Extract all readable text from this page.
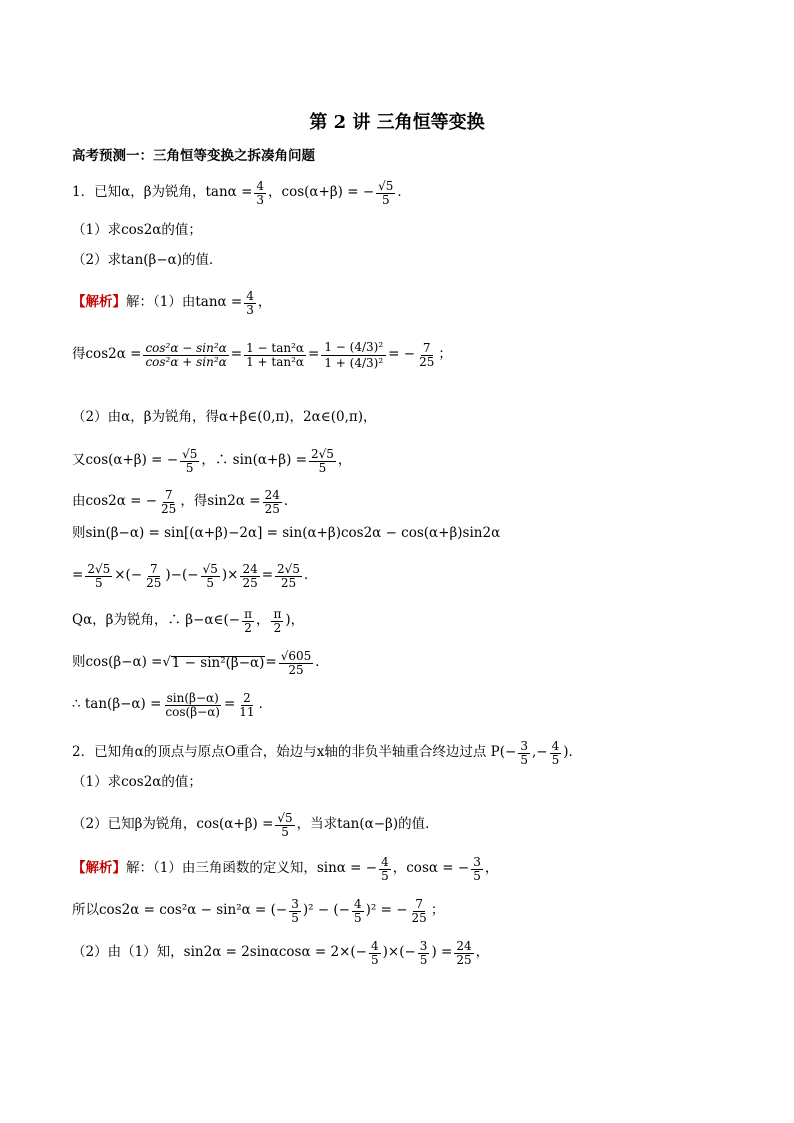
第 2 讲 三角恒等变换
高考预测一：三角恒等变换之拆凑角问题
1．已知α，β为锐角，$\tan\alpha = \frac{4}{3}$ ，cos(α+β) = − $\frac{√5}{5}$ ．
（1）求cos2α的值；
（2）求tan(β−α)的值．
【解析】 解：（1）由$\tan\alpha = \frac{4}{3}$ ，
得$\cos 2\alpha = \frac{\text{cos²α − sin²α}}{\text{cos²α + sin²α}} = \frac{\text{1 − tan²α}}{\text{1 + tan²α}} = \frac{\text{1 − (4/3)²}}{\text{1 + (4/3)²}}$ = − $\frac{7}{25}$ ；
（2）由α，β为锐角，得α+β∈(0,π)，2α∈(0,π)，
又cos(α+β) = − $\frac{√5}{5}$ ，∴ $\sin(\alpha+\beta) = \frac{2√5}{5}$ ，
由cos2α = − $\frac{7}{25}$ ，得$\sin 2\alpha = \frac{24}{25}$ ．
则sin(β−α) = sin[(α+β)−2α] = sin(α+β)cos2α − cos(α+β)sin2α
= $\frac{2√5}{5}$ ×(− $\frac{7}{25}$ )−(− $\frac{√5}{5}$ )× $\frac{24}{25} = \frac{2√5}{25}$ ．
Qα，β为锐角，∴ β−α∈(− $\frac{\pi}{2}$ ， $\frac{\pi}{2}$ )，
则cos(β−α) = √ $1 - \sin^2(\beta-\alpha) = \frac{√605}{25}$ ．
∴ $\tan(\beta-\alpha) = \frac{\sin(\beta-\alpha)}{\cos(\beta-\alpha)} = \frac{2}{11}$ ．
2．已知角α的顶点与原点O重合，始边与x轴的非负半轴重合终边过点 $P(- \frac{3}{5}$ ,− $\frac{4}{5}$ )．
（1）求cos2α的值；
（2）已知β为锐角，$\cos(\alpha+\beta) = \frac{√5}{5}$ ，当求tan(α−β)的值．
【解析】 解：（1）由三角函数的定义知，sinα = − $\frac{4}{5}$ ，cosα = − $\frac{3}{5}$ ，
所以cos2α = cos²α − sin²α = (− $\frac{3}{5} )^2$ − (− $\frac{4}{5} )^2$ = − $\frac{7}{25}$ ；
（2）由（1）知，$\sin 2\alpha = 2\sin\alpha\cos\alpha = 2\times(- \frac{4}{5}$ )×(− $\frac{3}{5}$ ) = $\frac{24}{25}$ ，
